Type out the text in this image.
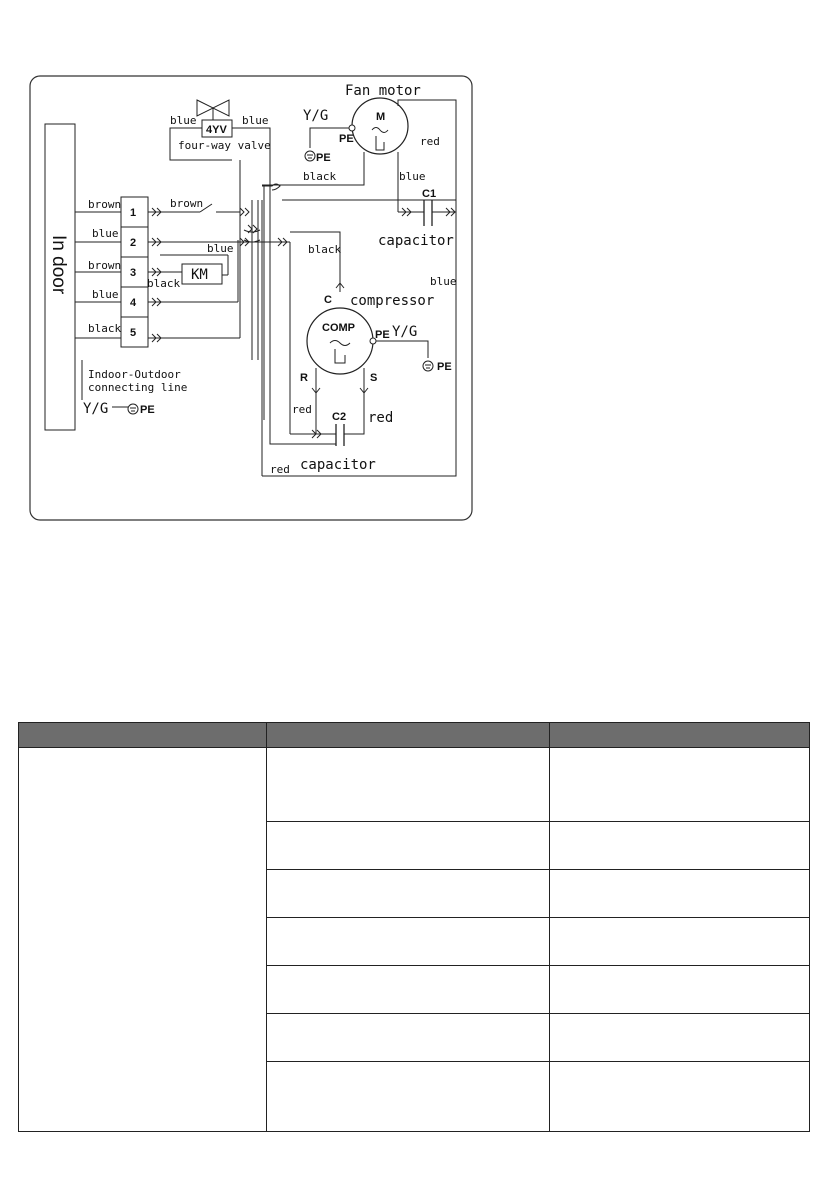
In door
1
2
3
4
5
brown
blue
brown
blue
black
Indoor-Outdoor
connecting line
Y/G	PE
brown
KM
blue
black
4YV
four-way valve
blue	blue
Fan motor
M
PE
Y/G
PE
red
black	blue
C1
capacitor
blue
black
C compressor
COMP
PE Y/G
PE
R	S
red
red
C2
capacitor
red
